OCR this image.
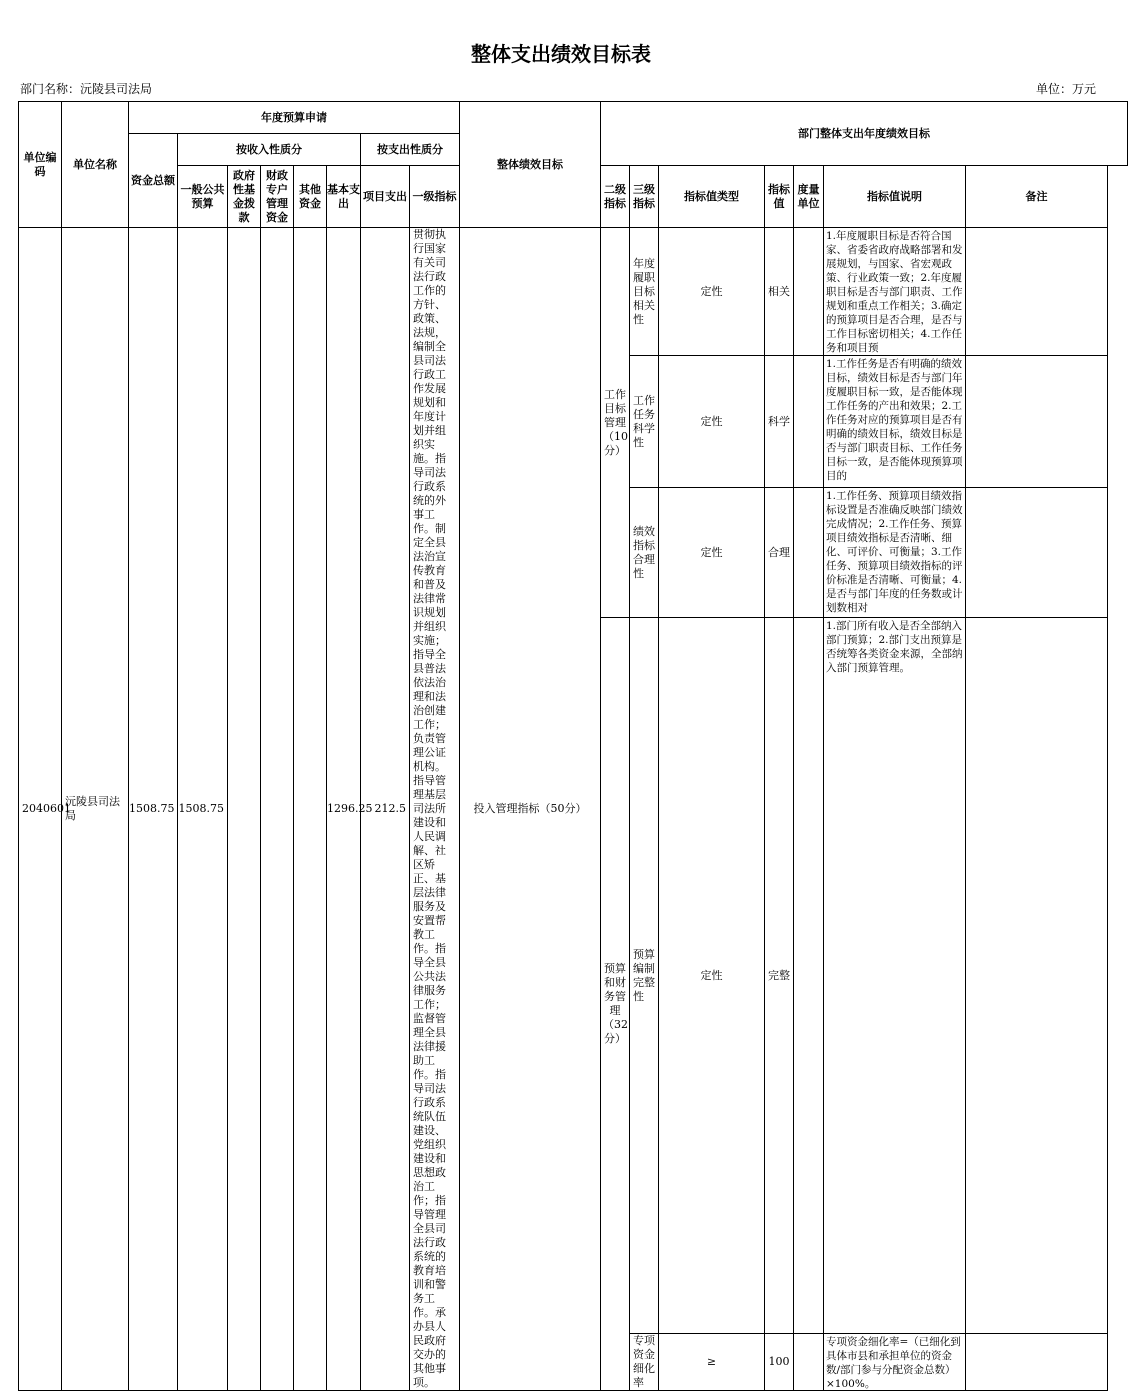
整体支出绩效目标表
部门名称：沅陵县司法局	单位：万元
单位编码	单位名称	年度预算申请								整体绩效目标	部门整体支出年度绩效目标						
		资金总额	按收入性质分					按支出性质分									
			一般公共预算	政府性基金拨款	财政专户管理资金	其他资金	基本支出	项目支出	一级指标		二级指标	三级指标	指标值类型	指标值	度量单位	指标值说明	备注

2040601	沅陵县司法局	1508.75	1508.75				1296.25	212.5	贯彻执行国家有关司法行政工作的方针、政策、法规，编制全县司法行政工作发展规划和年度计划并组织实施。指导司法行政系统的外事工作。制定全县法治宣传教育和普及法律常识规划并组织实施；指导全县普法依法治理和法治创建工作；负责管理公证机构。指导管理基层司法所建设和人民调解、社区矫正、基层法律服务及安置帮教工作。指导全县公共法律服务工作；监督管理全县法律援助工作。指导司法行政系统队伍建设、党组织建设和思想政治工作；指导管理全县司法行政系统的教育培训和警务工作。承办县人民政府交办的其他事项。	投入管理指标（50分）	工作目标管理（10分）	年度履职目标相关性	定性	相关		1.年度履职目标是否符合国家、省委省政府战略部署和发展规划，与国家、省宏观政策、行业政策一致；2.年度履职目标是否与部门职责、工作规划和重点工作相关；3.确定的预算项目是否合理，是否与工作目标密切相关；4.工作任务和项目预	

												工作任务科学性	定性	科学		1.工作任务是否有明确的绩效目标，绩效目标是否与部门年度履职目标一致，是否能体现工作任务的产出和效果；2.工作任务对应的预算项目是否有明确的绩效目标，绩效目标是否与部门职责目标、工作任务目标一致，是否能体现预算项目的	

												绩效指标合理性	定性	合理		1.工作任务、预算项目绩效指标设置是否准确反映部门绩效完成情况；2.工作任务、预算项目绩效指标是否清晰、细化、可评价、可衡量；3.工作任务、预算项目绩效指标的评价标准是否清晰、可衡量；4.是否与部门年度的任务数或计划数相对	

											预算和财务管理（32分）	预算编制完整性	定性	完整		1.部门所有收入是否全部纳入部门预算；2.部门支出预算是否统筹各类资金来源，全部纳入部门预算管理。	

												专项资金细化率	≥	100		专项资金细化率=（已细化到具体市县和承担单位的资金数/部门参与分配资金总数）×100%。	
